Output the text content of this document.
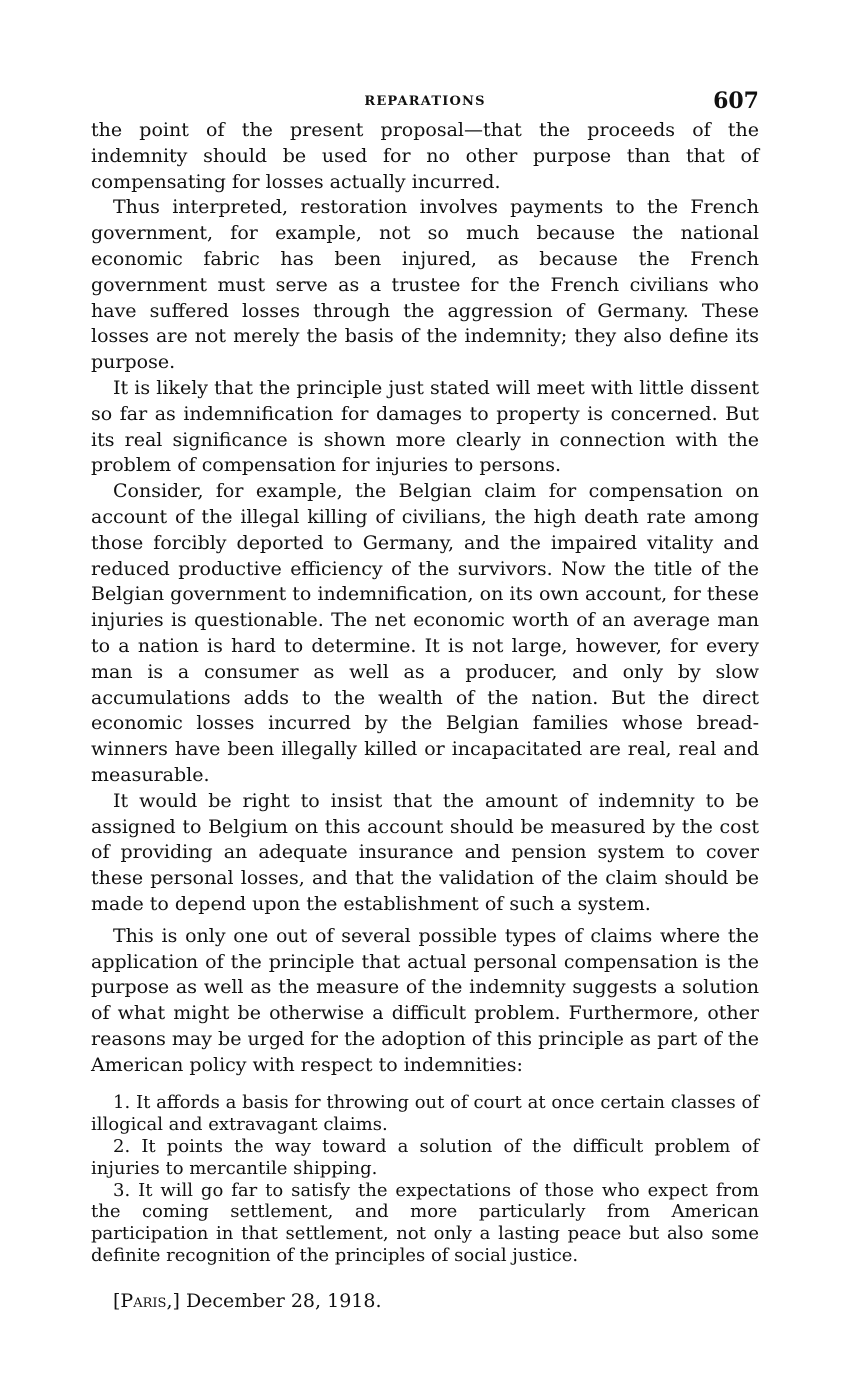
REPARATIONS	607

the point of the present proposal—that the proceeds of the indemnity should be used for no other purpose than that of compensating for losses actually incurred.

Thus interpreted, restoration involves payments to the French government, for example, not so much because the national economic fabric has been injured, as because the French government must serve as a trustee for the French civilians who have suffered losses through the aggression of Germany. These losses are not merely the basis of the indemnity; they also define its purpose.

It is likely that the principle just stated will meet with little dissent so far as indemnification for damages to property is concerned. But its real significance is shown more clearly in connection with the problem of compensation for injuries to persons.

Consider, for example, the Belgian claim for compensation on account of the illegal killing of civilians, the high death rate among those forcibly deported to Germany, and the impaired vitality and reduced productive efficiency of the survivors. Now the title of the Belgian government to indemnification, on its own account, for these injuries is questionable. The net economic worth of an average man to a nation is hard to determine. It is not large, however, for every man is a consumer as well as a producer, and only by slow accumulations adds to the wealth of the nation. But the direct economic losses incurred by the Belgian families whose bread-winners have been illegally killed or incapacitated are real, real and measurable.

It would be right to insist that the amount of indemnity to be assigned to Belgium on this account should be measured by the cost of providing an adequate insurance and pension system to cover these personal losses, and that the validation of the claim should be made to depend upon the establishment of such a system.

This is only one out of several possible types of claims where the application of the principle that actual personal compensation is the purpose as well as the measure of the indemnity suggests a solution of what might be otherwise a difficult problem. Furthermore, other reasons may be urged for the adoption of this principle as part of the American policy with respect to indemnities:

1. It affords a basis for throwing out of court at once certain classes of illogical and extravagant claims.
2. It points the way toward a solution of the difficult problem of injuries to mercantile shipping.
3. It will go far to satisfy the expectations of those who expect from the coming settlement, and more particularly from American participation in that settlement, not only a lasting peace but also some definite recognition of the principles of social justice.
[Paris,] December 28, 1918.
